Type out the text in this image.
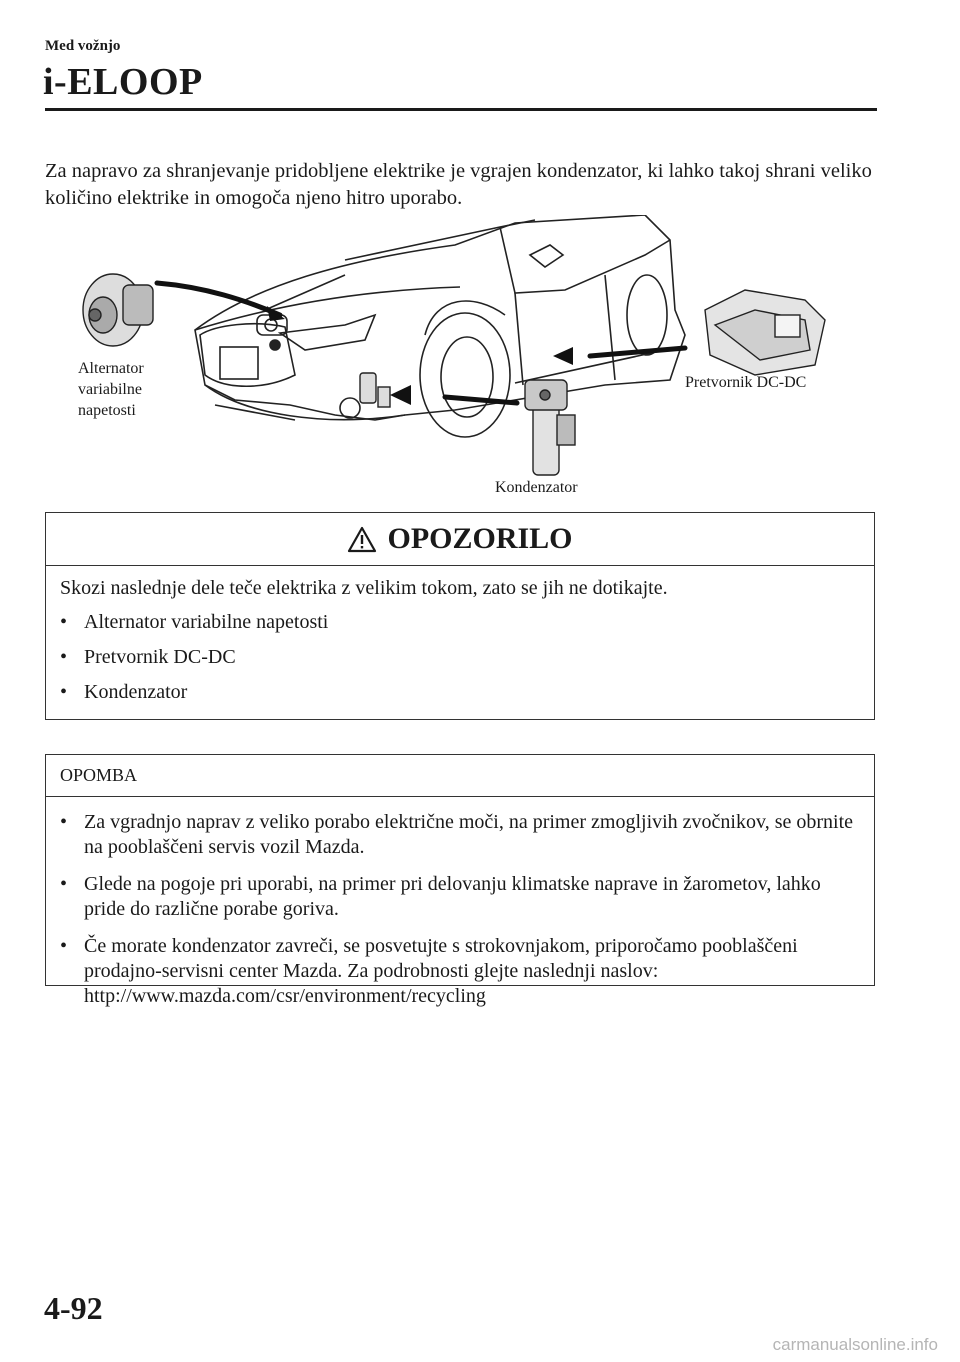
Med vožnjo
i-ELOOP
Za napravo za shranjevanje pridobljene elektrike je vgrajen kondenzator, ki lahko takoj shrani veliko količino elektrike in omogoča njeno hitro uporabo.
Alternator
variabilne
napetosti
Pretvornik DC-DC
Kondenzator
OPOZORILO

Skozi naslednje dele teče elektrika z velikim tokom, zato se jih ne dotikajte.

• Alternator variabilne napetosti
• Pretvornik DC-DC
• Kondenzator
OPOMBA
• Za vgradnjo naprav z veliko porabo električne moči, na primer zmogljivih zvočnikov, se obrnite na pooblaščeni servis vozil Mazda.
• Glede na pogoje pri uporabi, na primer pri delovanju klimatske naprave in žarometov, lahko pride do različne porabe goriva.
• Če morate kondenzator zavreči, se posvetujte s strokovnjakom, priporočamo pooblaščeni prodajno-servisni center Mazda. Za podrobnosti glejte naslednji naslov: http://www.mazda.com/csr/environment/recycling
4-92
carmanualsonline.info
